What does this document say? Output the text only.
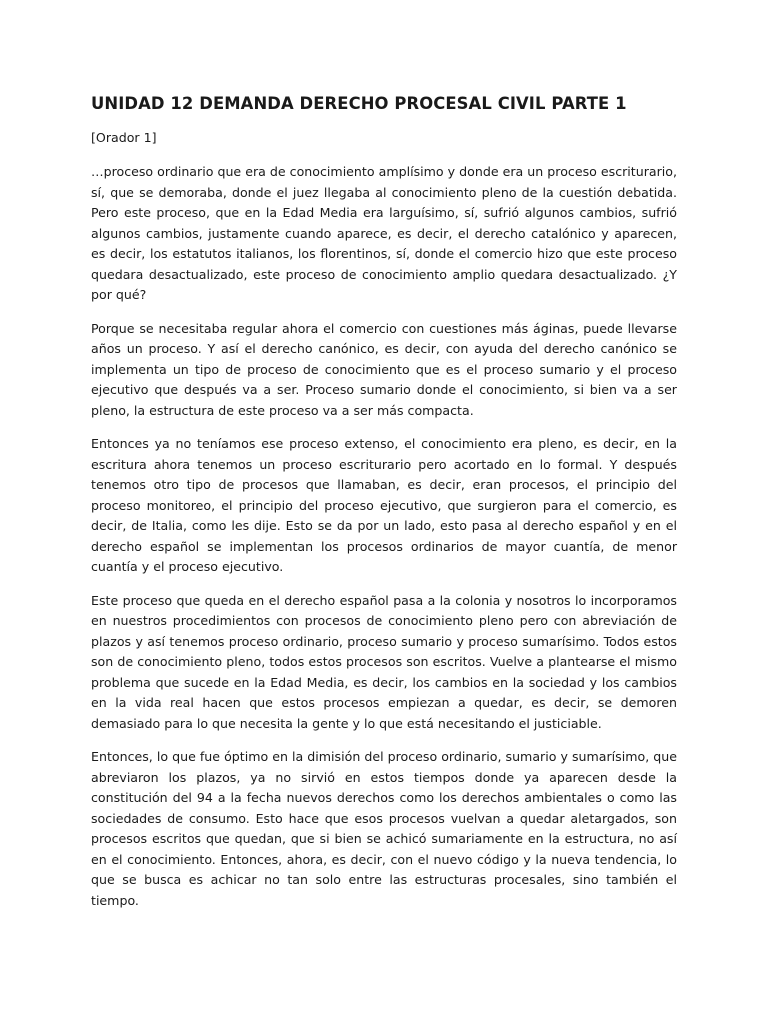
UNIDAD 12 DEMANDA DERECHO PROCESAL CIVIL PARTE 1

[Orador 1]

…proceso ordinario que era de conocimiento amplísimo y donde era un proceso escriturario, sí, que se demoraba, donde el juez llegaba al conocimiento pleno de la cuestión debatida. Pero este proceso, que en la Edad Media era larguísimo, sí, sufrió algunos cambios, sufrió algunos cambios, justamente cuando aparece, es decir, el derecho catalónico y aparecen, es decir, los estatutos italianos, los florentinos, sí, donde el comercio hizo que este proceso quedara desactualizado, este proceso de conocimiento amplio quedara desactualizado. ¿Y por qué?

Porque se necesitaba regular ahora el comercio con cuestiones más áginas, puede llevarse años un proceso. Y así el derecho canónico, es decir, con ayuda del derecho canónico se implementa un tipo de proceso de conocimiento que es el proceso sumario y el proceso ejecutivo que después va a ser. Proceso sumario donde el conocimiento, si bien va a ser pleno, la estructura de este proceso va a ser más compacta.

Entonces ya no teníamos ese proceso extenso, el conocimiento era pleno, es decir, en la escritura ahora tenemos un proceso escriturario pero acortado en lo formal. Y después tenemos otro tipo de procesos que llamaban, es decir, eran procesos, el principio del proceso monitoreo, el principio del proceso ejecutivo, que surgieron para el comercio, es decir, de Italia, como les dije. Esto se da por un lado, esto pasa al derecho español y en el derecho español se implementan los procesos ordinarios de mayor cuantía, de menor cuantía y el proceso ejecutivo.

Este proceso que queda en el derecho español pasa a la colonia y nosotros lo incorporamos en nuestros procedimientos con procesos de conocimiento pleno pero con abreviación de plazos y así tenemos proceso ordinario, proceso sumario y proceso sumarísimo. Todos estos son de conocimiento pleno, todos estos procesos son escritos. Vuelve a plantearse el mismo problema que sucede en la Edad Media, es decir, los cambios en la sociedad y los cambios en la vida real hacen que estos procesos empiezan a quedar, es decir, se demoren demasiado para lo que necesita la gente y lo que está necesitando el justiciable.

Entonces, lo que fue óptimo en la dimisión del proceso ordinario, sumario y sumarísimo, que abreviaron los plazos, ya no sirvió en estos tiempos donde ya aparecen desde la constitución del 94 a la fecha nuevos derechos como los derechos ambientales o como las sociedades de consumo. Esto hace que esos procesos vuelvan a quedar aletargados, son procesos escritos que quedan, que si bien se achicó sumariamente en la estructura, no así en el conocimiento. Entonces, ahora, es decir, con el nuevo código y la nueva tendencia, lo que se busca es achicar no tan solo entre las estructuras procesales, sino también el tiempo.
